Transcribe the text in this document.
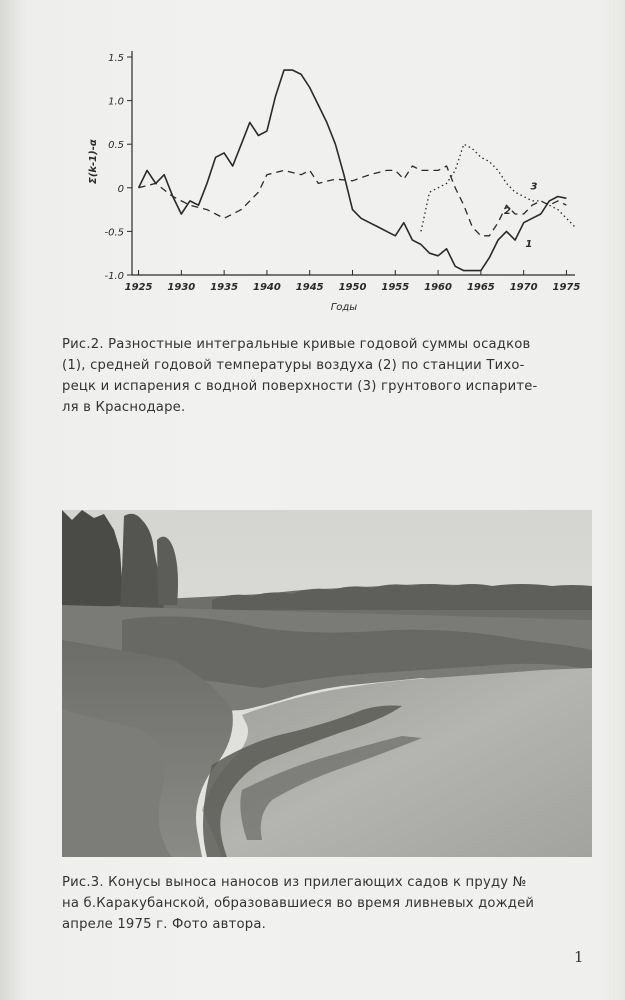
-1.0
-0.5
0
0.5
1.0
1.5
1925 1930 1935 1940 1945 1950 1955 1960 1965 1970 1975
Годы
Σ(k-1)-α
1
2
3
Рис.2. Разностные интегральные кривые годовой суммы осадков
(1), средней годовой температуры воздуха (2) по станции Тихо-
рецк и испарения с водной поверхности (3) грунтового испарите-
ля в Краснодаре.
Рис.3. Конусы выноса наносов из прилегающих садов к пруду №
на б.Каракубанской, образовавшиеся во время ливневых дождей
апреле 1975 г. Фото автора.
1
